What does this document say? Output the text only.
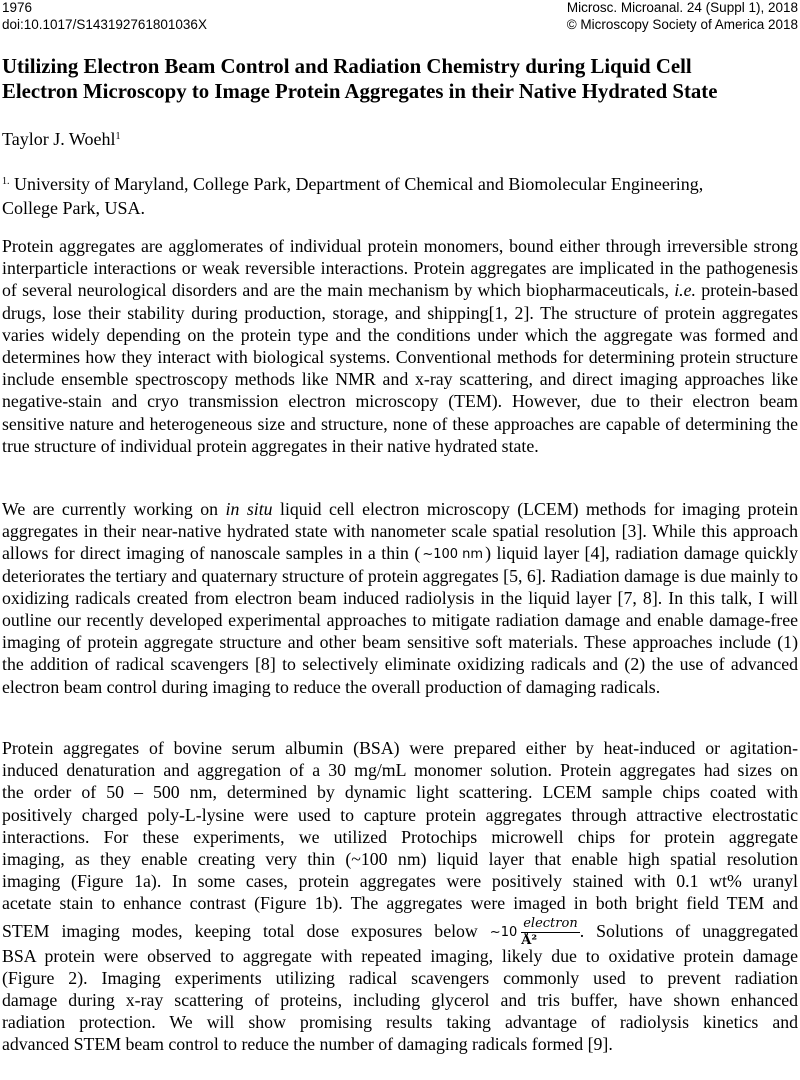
1976	Microsc. Microanal. 24 (Suppl 1), 2018
doi:10.1017/S143192761801036X	© Microscopy Society of America 2018
Utilizing Electron Beam Control and Radiation Chemistry during Liquid Cell
Electron Microscopy to Image Protein Aggregates in their Native Hydrated State
Taylor J. Woehl$^1$
$^{1.}$ University of Maryland, College Park, Department of Chemical and Biomolecular Engineering,
College Park, USA.

Protein aggregates are agglomerates of individual protein monomers, bound either through irreversible strong interparticle interactions or weak reversible interactions. Protein aggregates are implicated in the pathogenesis of several neurological disorders and are the main mechanism by which biopharmaceuticals, i.e. protein-based drugs, lose their stability during production, storage, and shipping[1, 2]. The structure of protein aggregates varies widely depending on the protein type and the conditions under which the aggregate was formed and determines how they interact with biological systems. Conventional methods for determining protein structure include ensemble spectroscopy methods like NMR and x-ray scattering, and direct imaging approaches like negative-stain and cryo transmission electron microscopy (TEM). However, due to their electron beam sensitive nature and heterogeneous size and structure, none of these approaches are capable of determining the true structure of individual protein aggregates in their native hydrated state.

We are currently working on in situ liquid cell electron microscopy (LCEM) methods for imaging protein aggregates in their near-native hydrated state with nanometer scale spatial resolution [3]. While this approach allows for direct imaging of nanoscale samples in a thin ( ~100 nm ) liquid layer [4], radiation damage quickly deteriorates the tertiary and quaternary structure of protein aggregates [5, 6]. Radiation damage is due mainly to oxidizing radicals created from electron beam induced radiolysis in the liquid layer [7, 8]. In this talk, I will outline our recently developed experimental approaches to mitigate radiation damage and enable damage-free imaging of protein aggregate structure and other beam sensitive soft materials. These approaches include (1) the addition of radical scavengers [8] to selectively eliminate oxidizing radicals and (2) the use of advanced electron beam control during imaging to reduce the overall production of damaging radicals.

Protein aggregates of bovine serum albumin (BSA) were prepared either by heat-induced or agitation-
induced denaturation and aggregation of a 30 mg/mL monomer solution. Protein aggregates had sizes on
the order of 50 – 500 nm, determined by dynamic light scattering. LCEM sample chips coated with
positively charged poly-L-lysine were used to capture protein aggregates through attractive electrostatic
interactions. For these experiments, we utilized Protochips microwell chips for protein aggregate
imaging, as they enable creating very thin (~100 nm) liquid layer that enable high spatial resolution
imaging (Figure 1a). In some cases, protein aggregates were positively stained with 0.1 wt% uranyl
acetate stain to enhance contrast (Figure 1b). The aggregates were imaged in both bright field TEM and
STEM imaging modes, keeping total dose exposures below ~10 $\frac{\text{electron}}{\text{Å²}}$ . Solutions of unaggregated
BSA protein were observed to aggregate with repeated imaging, likely due to oxidative protein damage
(Figure 2). Imaging experiments utilizing radical scavengers commonly used to prevent radiation
damage during x-ray scattering of proteins, including glycerol and tris buffer, have shown enhanced
radiation protection. We will show promising results taking advantage of radiolysis kinetics and
advanced STEM beam control to reduce the number of damaging radicals formed [9].
